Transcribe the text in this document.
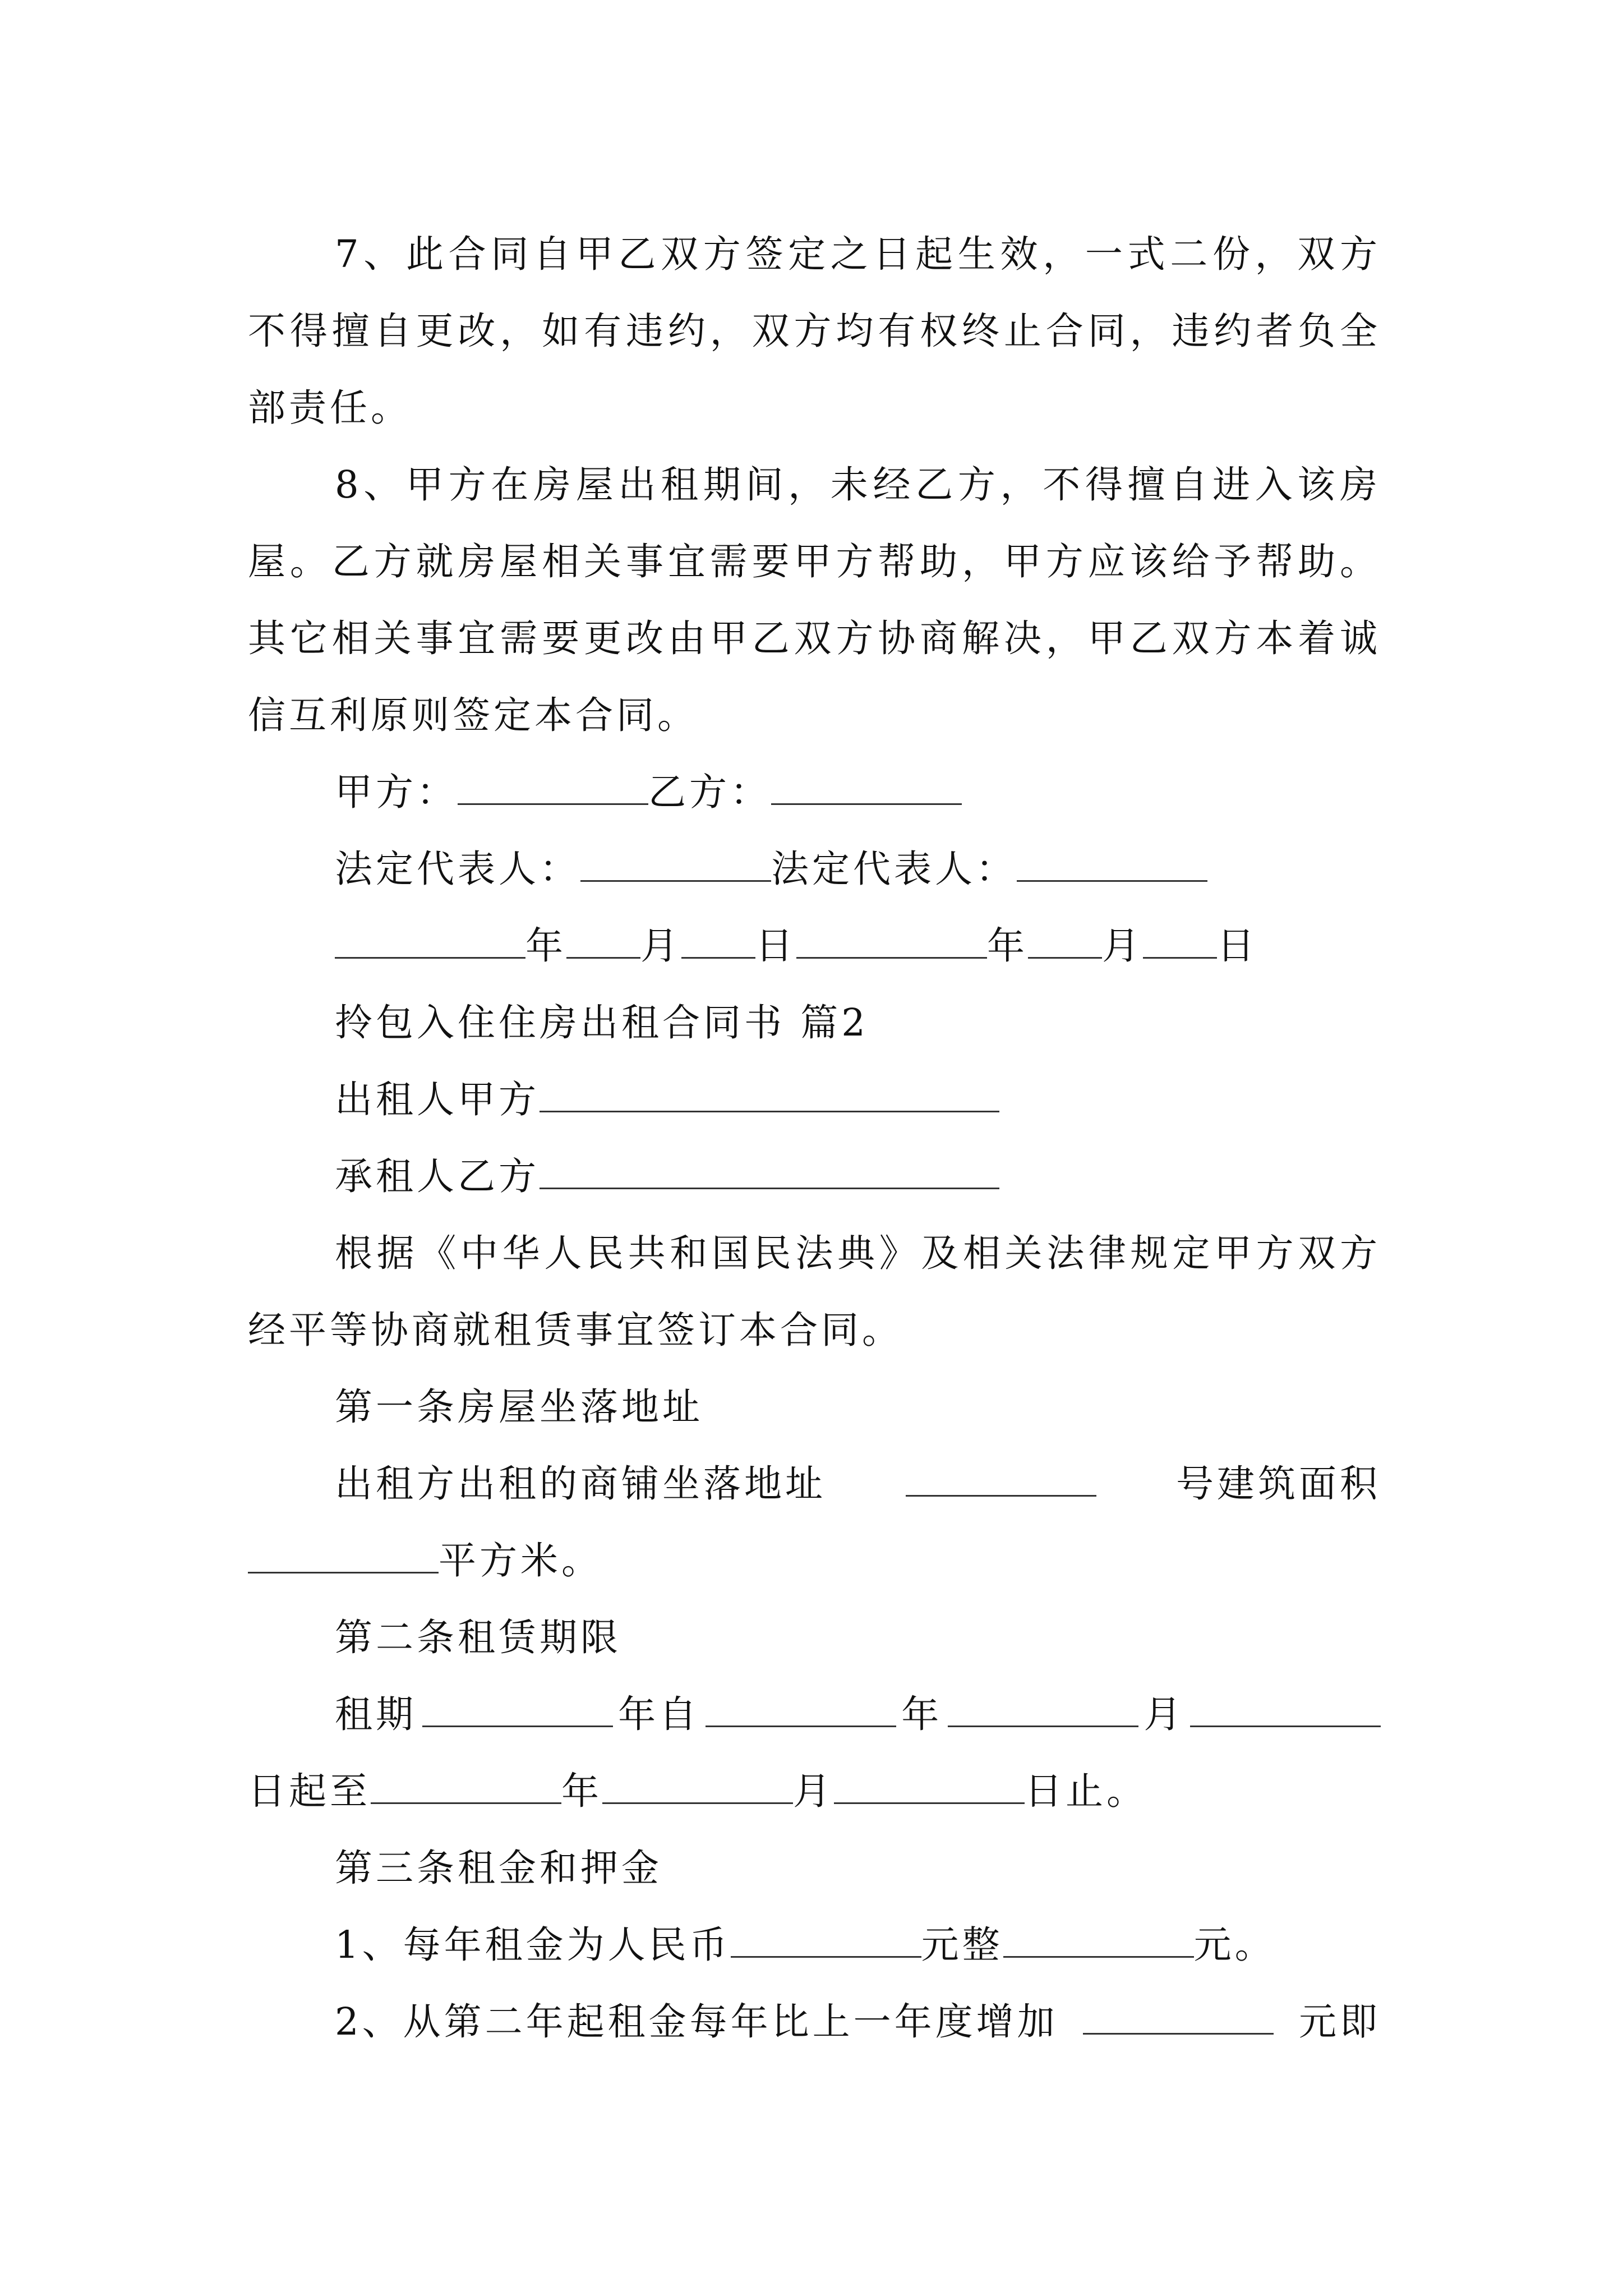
7、此合同自甲乙双方签定之日起生效，一式二份，双方不得擅自更改，如有违约，双方均有权终止合同，违约者负全部责任。

8、甲方在房屋出租期间，未经乙方，不得擅自进入该房屋。乙方就房屋相关事宜需要甲方帮助，甲方应该给予帮助。其它相关事宜需要更改由甲乙双方协商解决，甲乙双方本着诚信互利原则签定本合同。

甲方：	乙方：
法定代表人：	法定代表人：
年 月 日	年 月 日
拎包入住住房出租合同书 篇2
出租人甲方
承租人乙方

根据《中华人民共和国民法典》及相关法律规定甲方双方经平等协商就租赁事宜签订本合同。

第一条房屋坐落地址
出租方出租的商铺坐落地址	号建筑面积
平方米。
第二条租赁期限
租期	年自	年	月
日起至	年	月	日止。
第三条租金和押金
1、每年租金为人民币	元整	元。
2、从第二年起租金每年比上一年度增加	元即
